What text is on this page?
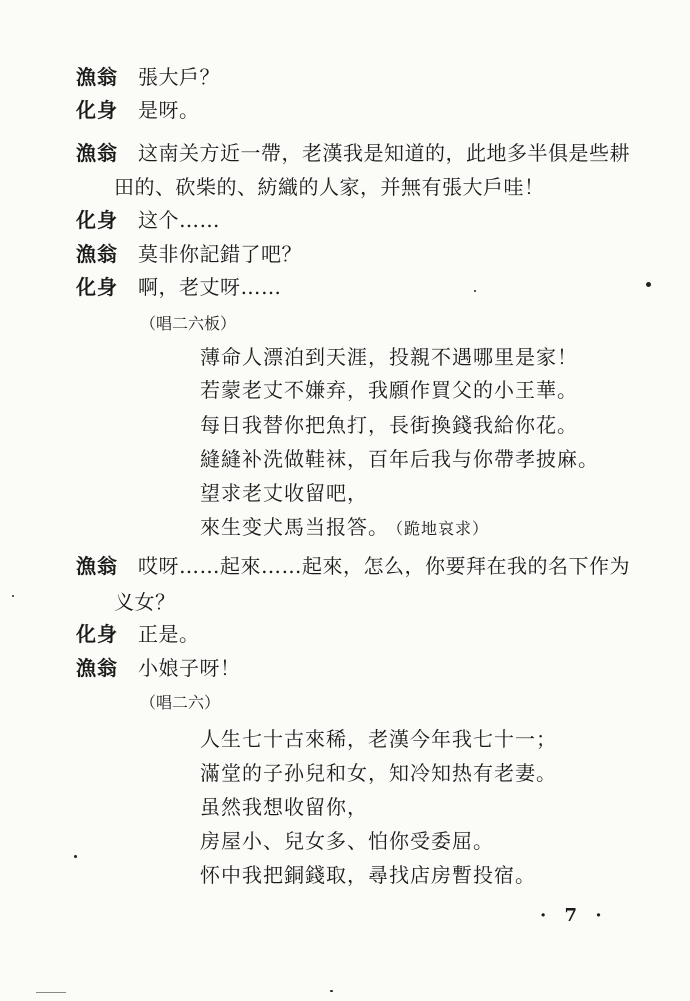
漁翁 張大戶？
化身 是呀。
漁翁 这南关方近一帶，老漢我是知道的，此地多半俱是些耕
田的、砍柴的、紡織的人家，并無有張大戶哇！
化身 这个……
漁翁 莫非你記錯了吧？
化身 啊，老丈呀……
（唱二六板）
薄命人漂泊到天涯，投親不遇哪里是家！
若蒙老丈不嫌弃，我願作買父的小王華。
每日我替你把魚打，長街換錢我給你花。
縫縫补洗做鞋袜，百年后我与你帶孝披麻。
望求老丈收留吧，
來生变犬馬当报答。 （跪地哀求）
漁翁 哎呀……起來……起來，怎么，你要拜在我的名下作为
义女？
化身 正是。
漁翁 小娘子呀！
（唱二六）
人生七十古來稀，老漢今年我七十一；
滿堂的子孙兒和女，知冷知热有老妻。
虽然我想收留你，
房屋小、兒女多、怕你受委屈。
怀中我把銅錢取，尋找店房暫投宿。
· 7 ·
